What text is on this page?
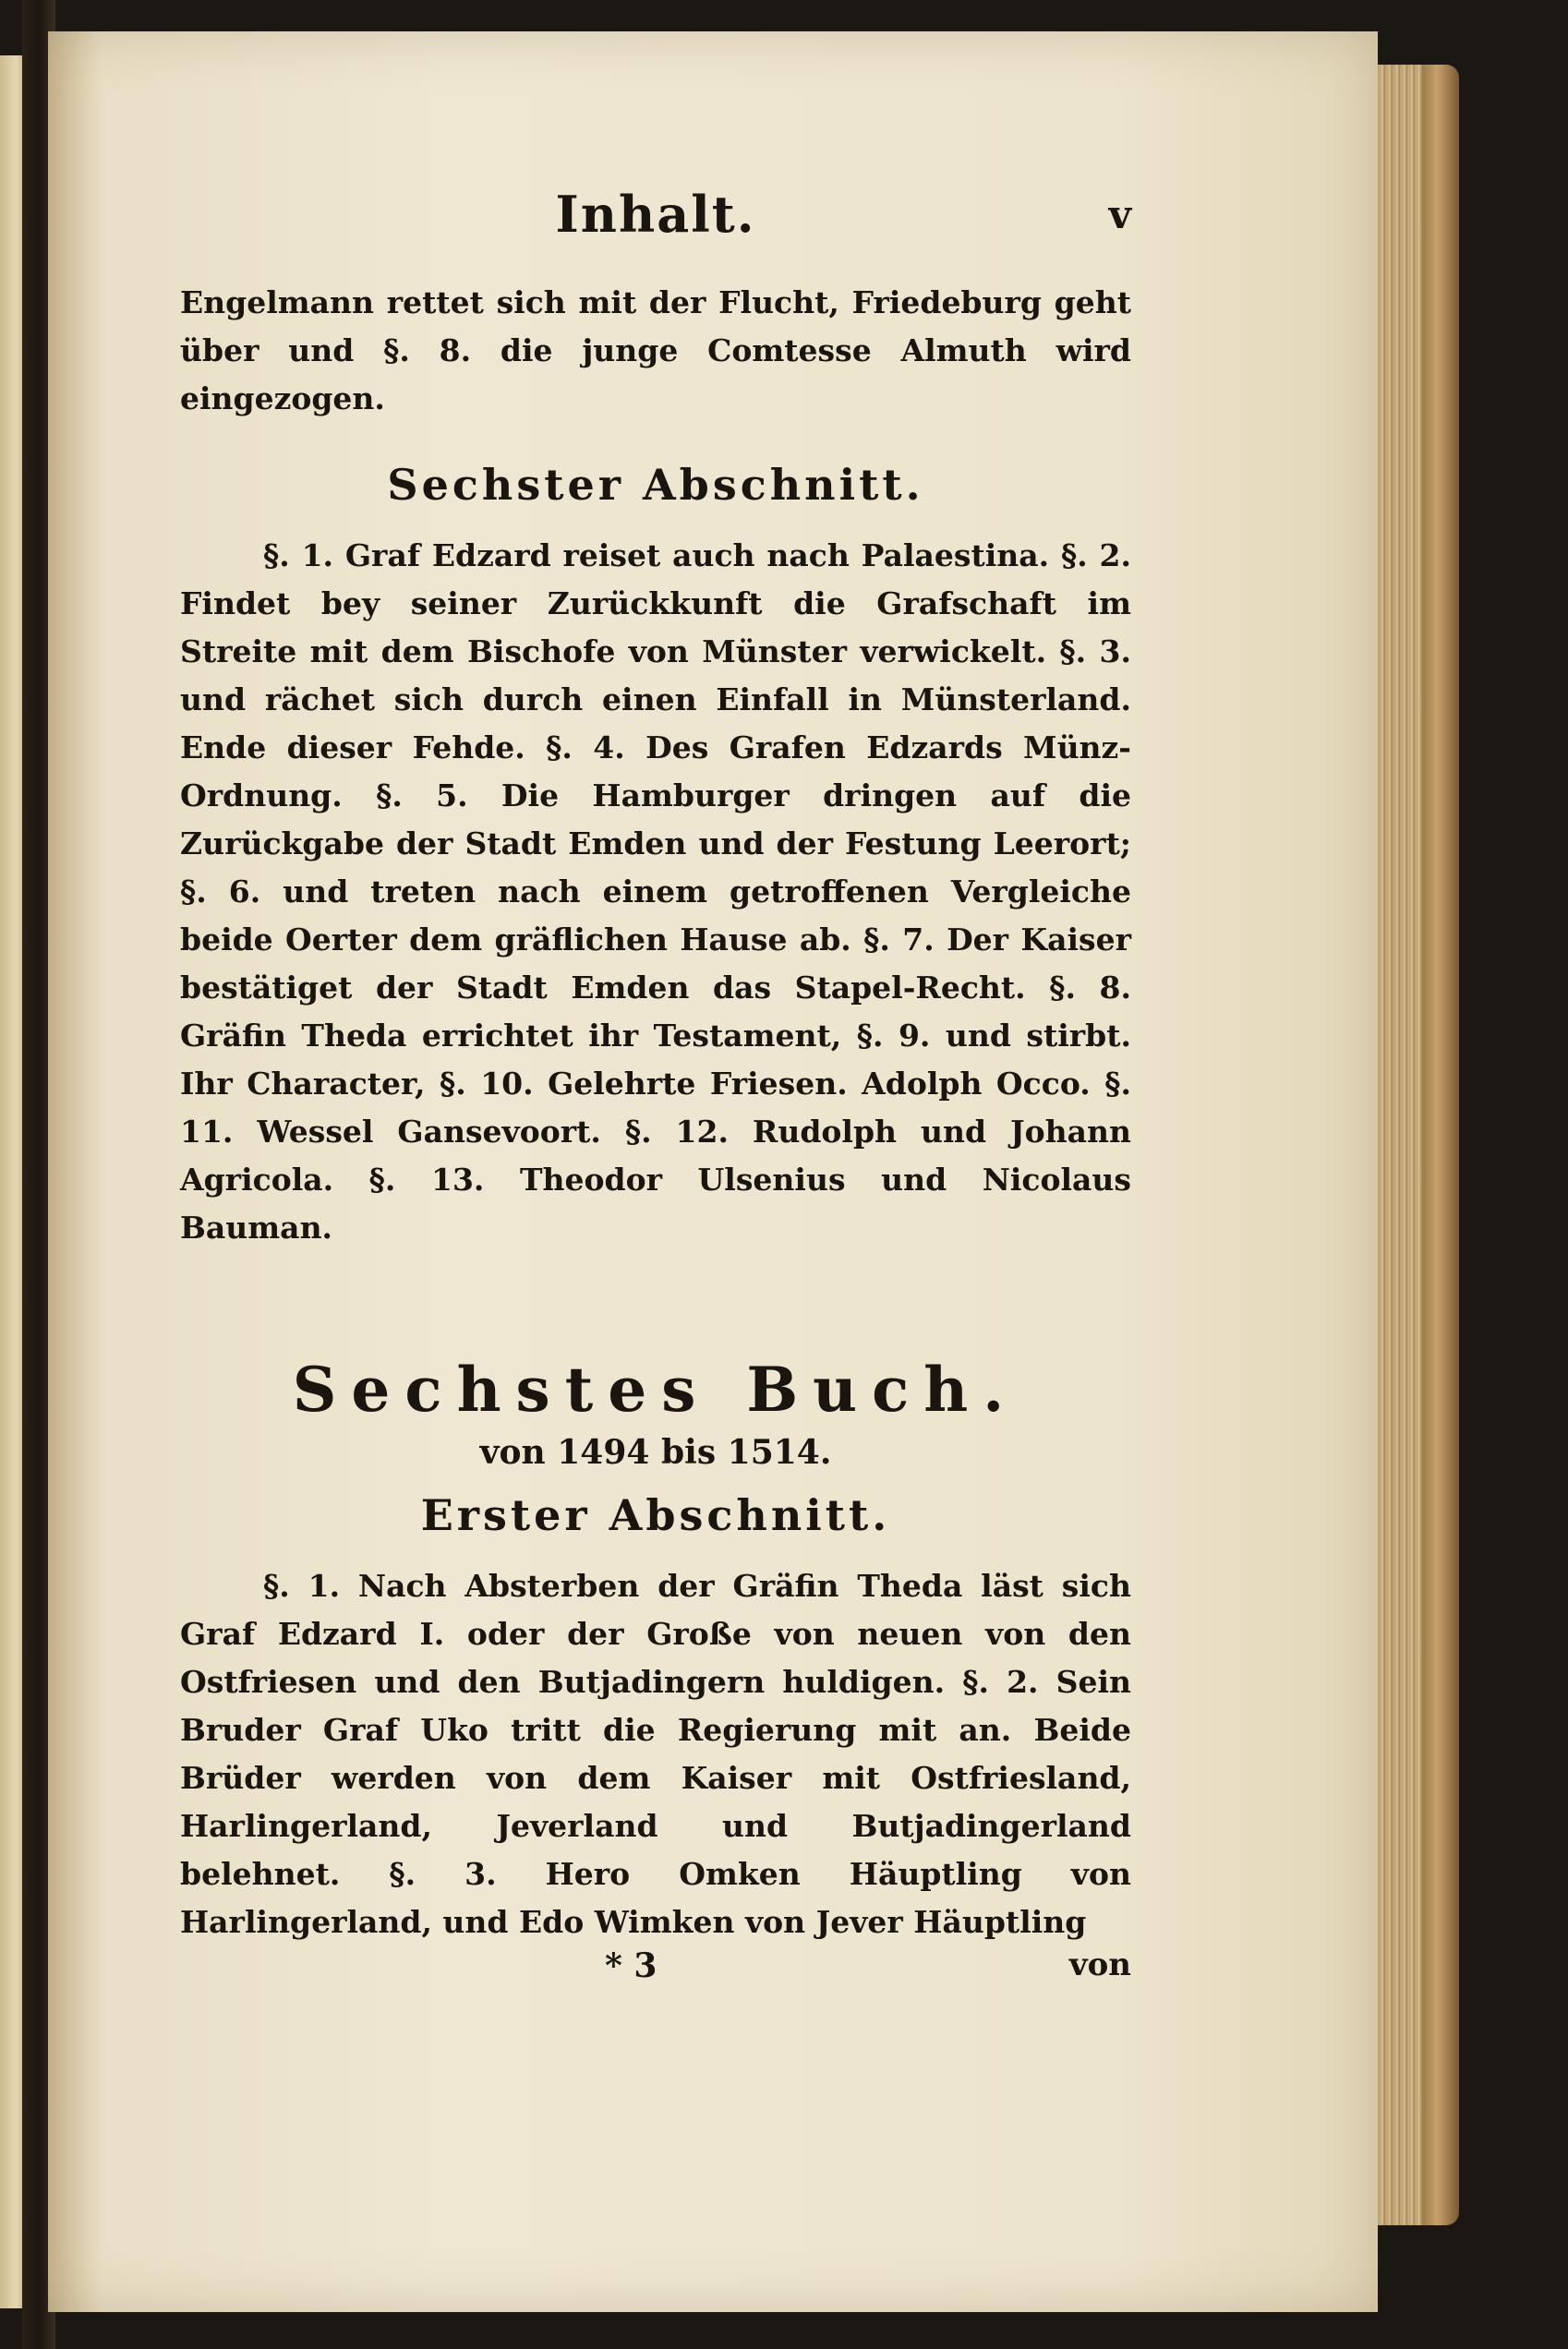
Inhalt.	v

Engelmann rettet sich mit der Flucht, Friedeburg geht über und §. 8. die junge Comtesse Almuth wird eingezogen.

Sechster Abschnitt.

§. 1. Graf Edzard reiset auch nach Palaestina. §. 2. Findet bey seiner Zurückkunft die Grafschaft im Streite mit dem Bischofe von Münster verwickelt. §. 3. und rächet sich durch einen Einfall in Münsterland. Ende dieser Fehde. §. 4. Des Grafen Edzards Münz-Ordnung. §. 5. Die Hamburger dringen auf die Zurückgabe der Stadt Emden und der Festung Leerort; §. 6. und treten nach einem getroffenen Vergleiche beide Oerter dem gräflichen Hause ab. §. 7. Der Kaiser bestätiget der Stadt Emden das Stapel-Recht. §. 8. Gräfin Theda errichtet ihr Testament, §. 9. und stirbt. Ihr Character, §. 10. Gelehrte Friesen. Adolph Occo. §. 11. Wessel Gansevoort. §. 12. Rudolph und Johann Agricola. §. 13. Theodor Ulsenius und Nicolaus Bauman.

Sechstes Buch.

von 1494 bis 1514.

Erster Abschnitt.

§. 1. Nach Absterben der Gräfin Theda läst sich Graf Edzard I. oder der Große von neuen von den Ostfriesen und den Butjadingern huldigen. §. 2. Sein Bruder Graf Uko tritt die Regierung mit an. Beide Brüder werden von dem Kaiser mit Ostfriesland, Harlingerland, Jeverland und Butjadingerland belehnet. §. 3. Hero Omken Häuptling von Harlingerland, und Edo Wimken von Jever Häuptling

* 3	von
